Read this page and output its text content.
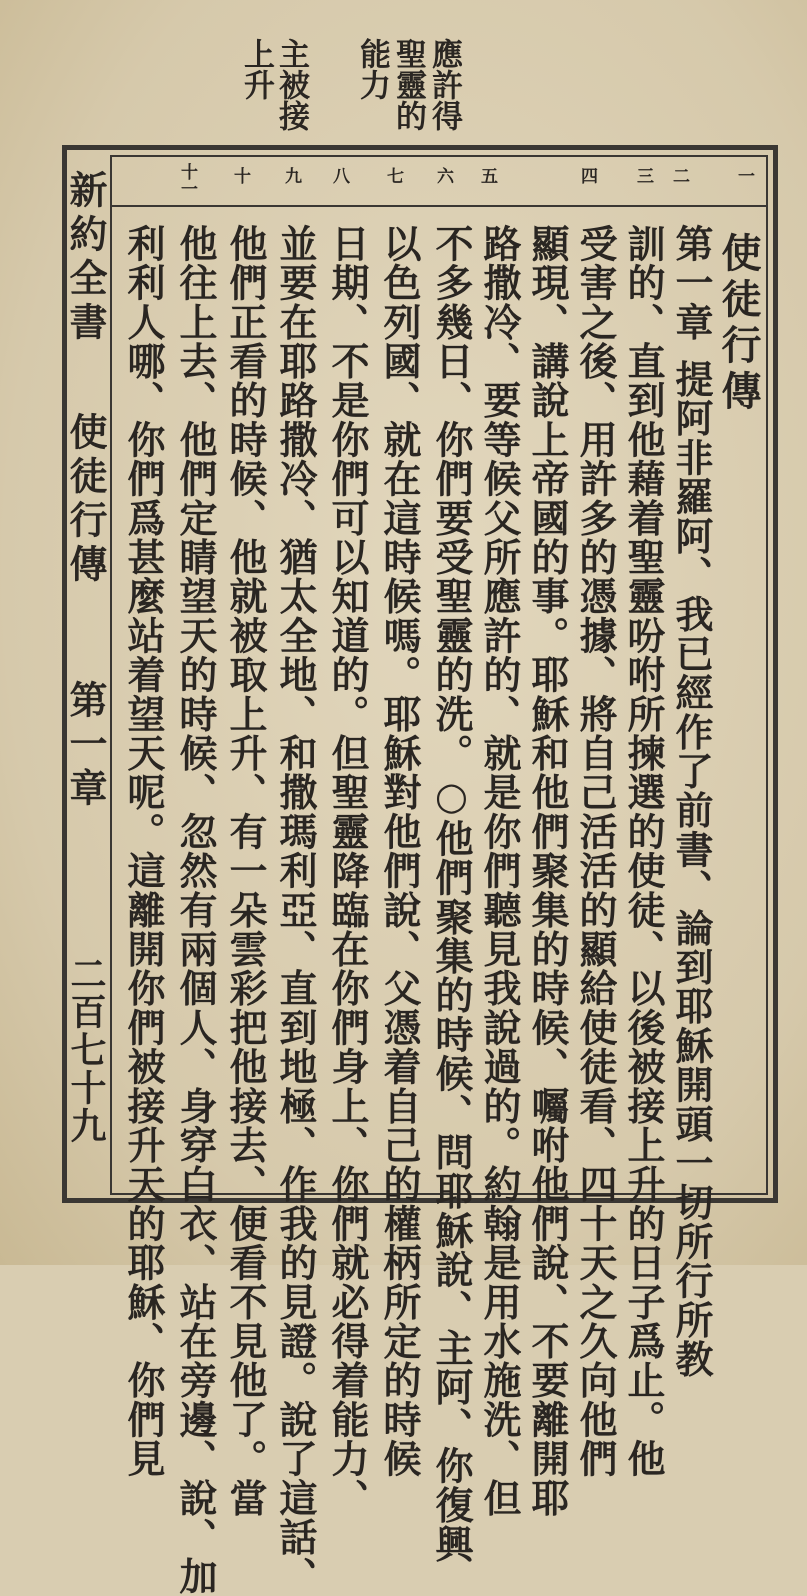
應許得
聖靈的
能力
主被接
上升
一
二
三
四
五
六
七
八
九
十
十一
使徒行傳
第一章提阿非羅阿、我已經作了前書、論到耶穌開頭一切所行所教
訓的、直到他藉着聖靈吩咐所揀選的使徒、以後被接上升的日子爲止。他
受害之後、用許多的憑據、將自己活活的顯給使徒看、四十天之久向他們
顯現、講說上帝國的事。耶穌和他們聚集的時候、囑咐他們說、不要離開耶
路撒冷、要等候父所應許的、就是你們聽見我說過的。約翰是用水施洗、但
不多幾日、你們要受聖靈的洗。○他們聚集的時候、問耶穌說、主阿、你復興
以色列國、就在這時候嗎。耶穌對他們說、父憑着自己的權柄所定的時候
日期、不是你們可以知道的。但聖靈降臨在你們身上、你們就必得着能力、
並要在耶路撒冷、猶太全地、和撒瑪利亞、直到地極、作我的見證。說了這話、
他們正看的時候、他就被取上升、有一朵雲彩把他接去、便看不見他了。當
他往上去、他們定睛望天的時候、忽然有兩個人、身穿白衣、站在旁邊、說、加
利利人哪、你們爲甚麼站着望天呢。這離開你們被接升天的耶穌、你們見
新約全書
使徒行傳
第一章
二百七十九
